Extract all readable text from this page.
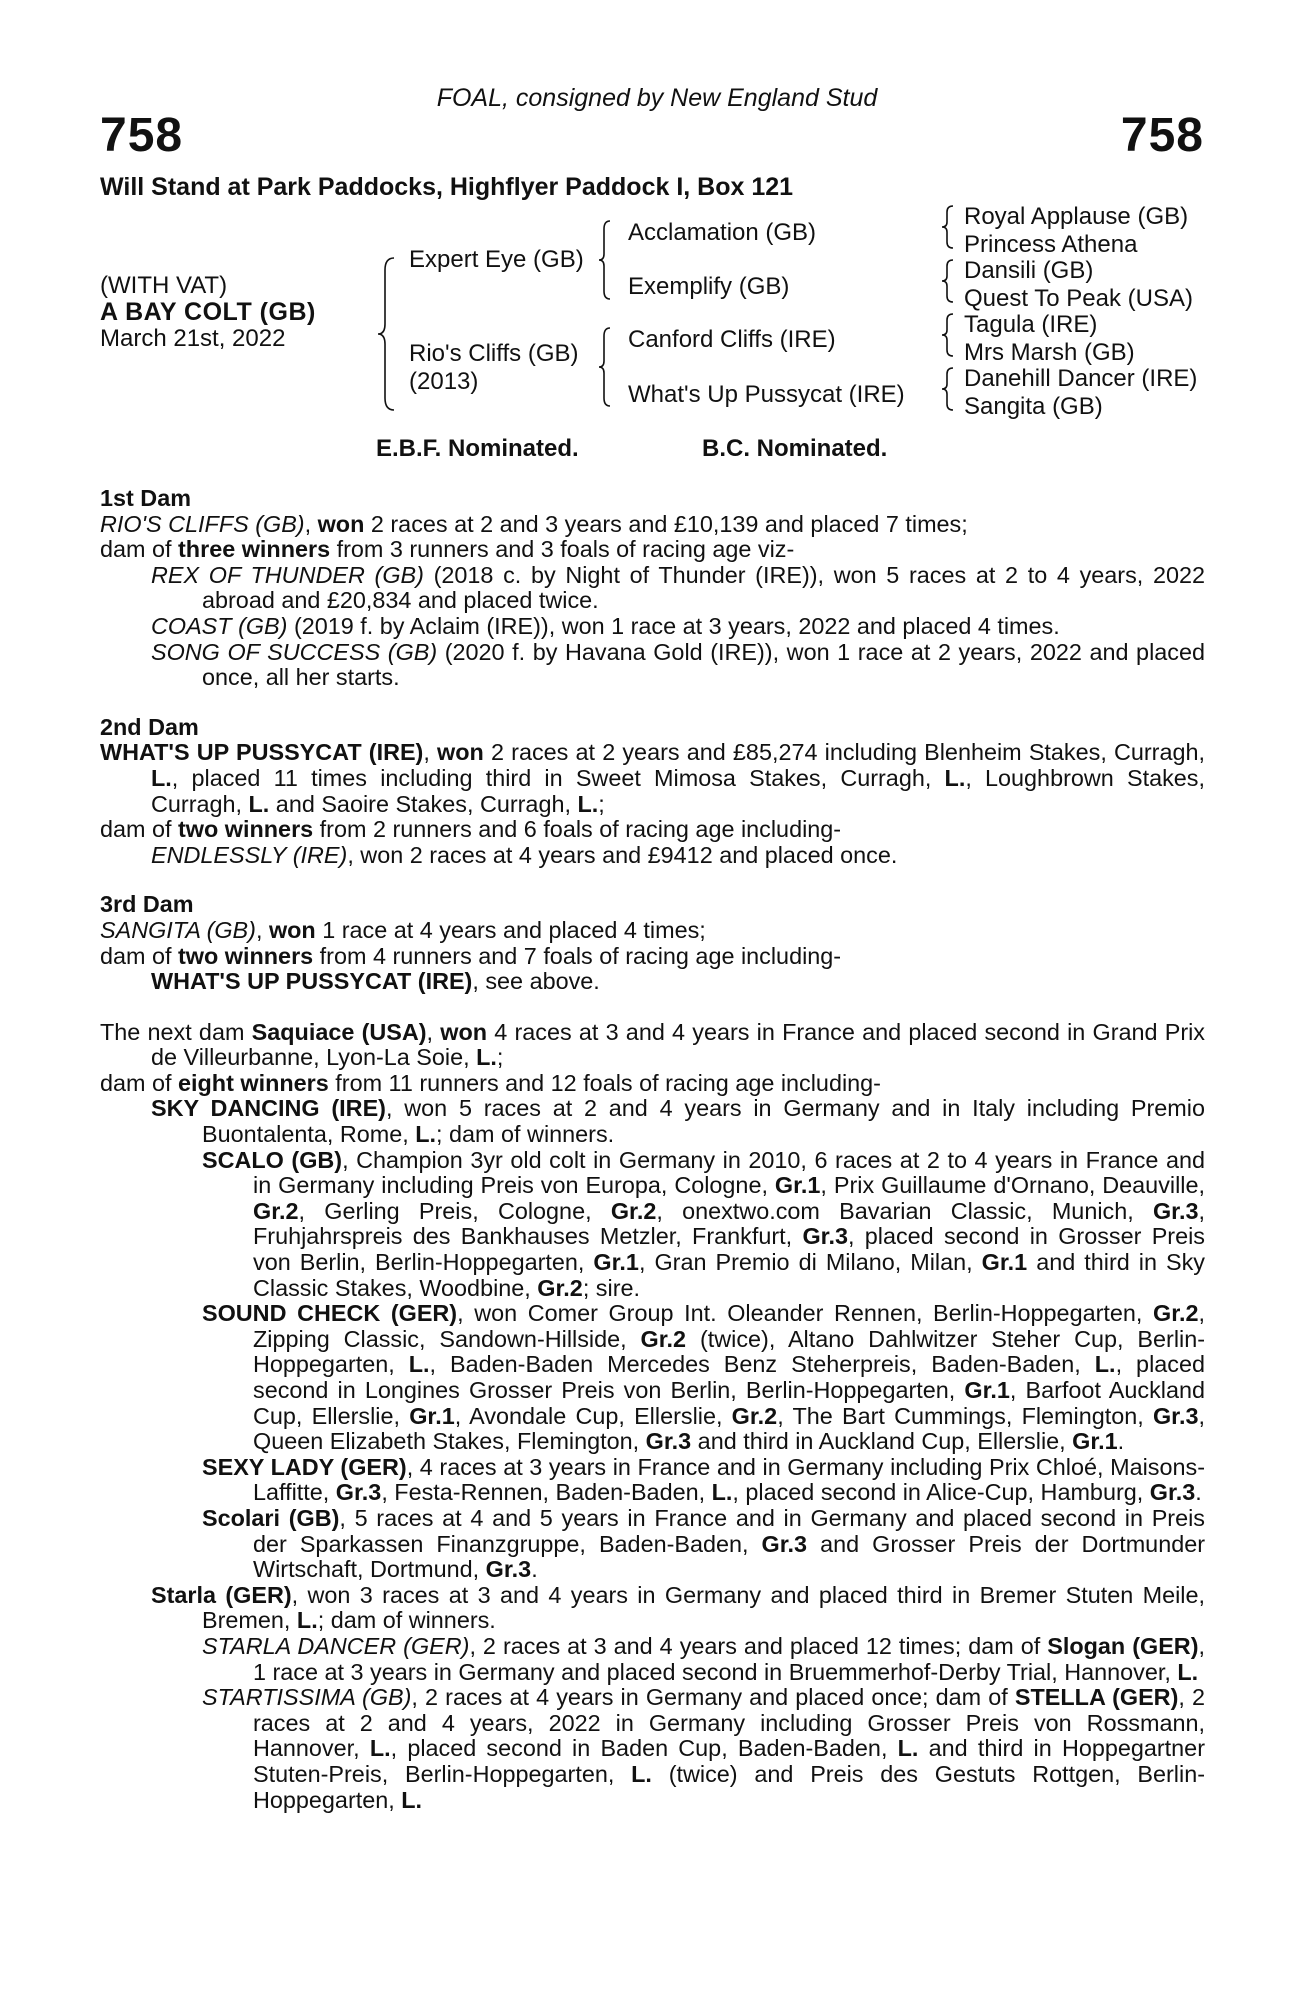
FOAL, consigned by New England Stud
758	758
Will Stand at Park Paddocks, Highflyer Paddock I, Box 121
(WITH VAT)
A BAY COLT (GB)
March 21st, 2022
Expert Eye (GB)
Rio's Cliffs (GB)
(2013)
Acclamation (GB)
Exemplify (GB)
Canford Cliffs (IRE)
What's Up Pussycat (IRE)
Royal Applause (GB)
Princess Athena
Dansili (GB)
Quest To Peak (USA)
Tagula (IRE)
Mrs Marsh (GB)
Danehill Dancer (IRE)
Sangita (GB)
E.B.F. Nominated.	B.C. Nominated.
1st Dam
RIO'S CLIFFS (GB), won 2 races at 2 and 3 years and £10,139 and placed 7 times;
dam of three winners from 3 runners and 3 foals of racing age viz-
REX OF THUNDER (GB) (2018 c. by Night of Thunder (IRE)), won 5 races at 2 to 4 years, 2022 abroad and £20,834 and placed twice.
COAST (GB) (2019 f. by Aclaim (IRE)), won 1 race at 3 years, 2022 and placed 4 times.
SONG OF SUCCESS (GB) (2020 f. by Havana Gold (IRE)), won 1 race at 2 years, 2022 and placed once, all her starts.
2nd Dam
WHAT'S UP PUSSYCAT (IRE), won 2 races at 2 years and £85,274 including Blenheim Stakes, Curragh, L., placed 11 times including third in Sweet Mimosa Stakes, Curragh, L., Loughbrown Stakes, Curragh, L. and Saoire Stakes, Curragh, L.;
dam of two winners from 2 runners and 6 foals of racing age including-
ENDLESSLY (IRE), won 2 races at 4 years and £9412 and placed once.
3rd Dam
SANGITA (GB), won 1 race at 4 years and placed 4 times;
dam of two winners from 4 runners and 7 foals of racing age including-
WHAT'S UP PUSSYCAT (IRE), see above.
The next dam Saquiace (USA), won 4 races at 3 and 4 years in France and placed second in Grand Prix de Villeurbanne, Lyon-La Soie, L.;
dam of eight winners from 11 runners and 12 foals of racing age including-
SKY DANCING (IRE), won 5 races at 2 and 4 years in Germany and in Italy including Premio Buontalenta, Rome, L.; dam of winners.
SCALO (GB), Champion 3yr old colt in Germany in 2010, 6 races at 2 to 4 years in France and in Germany including Preis von Europa, Cologne, Gr.1, Prix Guillaume d'Ornano, Deauville, Gr.2, Gerling Preis, Cologne, Gr.2, onextwo.com Bavarian Classic, Munich, Gr.3, Fruhjahrspreis des Bankhauses Metzler, Frankfurt, Gr.3, placed second in Grosser Preis von Berlin, Berlin-Hoppegarten, Gr.1, Gran Premio di Milano, Milan, Gr.1 and third in Sky Classic Stakes, Woodbine, Gr.2; sire.
SOUND CHECK (GER), won Comer Group Int. Oleander Rennen, Berlin-Hoppegarten, Gr.2, Zipping Classic, Sandown-Hillside, Gr.2 (twice), Altano Dahlwitzer Steher Cup, Berlin-Hoppegarten, L., Baden-Baden Mercedes Benz Steherpreis, Baden-Baden, L., placed second in Longines Grosser Preis von Berlin, Berlin-Hoppegarten, Gr.1, Barfoot Auckland Cup, Ellerslie, Gr.1, Avondale Cup, Ellerslie, Gr.2, The Bart Cummings, Flemington, Gr.3, Queen Elizabeth Stakes, Flemington, Gr.3 and third in Auckland Cup, Ellerslie, Gr.1.
SEXY LADY (GER), 4 races at 3 years in France and in Germany including Prix Chloé, Maisons-Laffitte, Gr.3, Festa-Rennen, Baden-Baden, L., placed second in Alice-Cup, Hamburg, Gr.3.
Scolari (GB), 5 races at 4 and 5 years in France and in Germany and placed second in Preis der Sparkassen Finanzgruppe, Baden-Baden, Gr.3 and Grosser Preis der Dortmunder Wirtschaft, Dortmund, Gr.3.
Starla (GER), won 3 races at 3 and 4 years in Germany and placed third in Bremer Stuten Meile, Bremen, L.; dam of winners.
STARLA DANCER (GER), 2 races at 3 and 4 years and placed 12 times; dam of Slogan (GER), 1 race at 3 years in Germany and placed second in Bruemmerhof-Derby Trial, Hannover, L.
STARTISSIMA (GB), 2 races at 4 years in Germany and placed once; dam of STELLA (GER), 2 races at 2 and 4 years, 2022 in Germany including Grosser Preis von Rossmann, Hannover, L., placed second in Baden Cup, Baden-Baden, L. and third in Hoppegartner Stuten-Preis, Berlin-Hoppegarten, L. (twice) and Preis des Gestuts Rottgen, Berlin-Hoppegarten, L.
